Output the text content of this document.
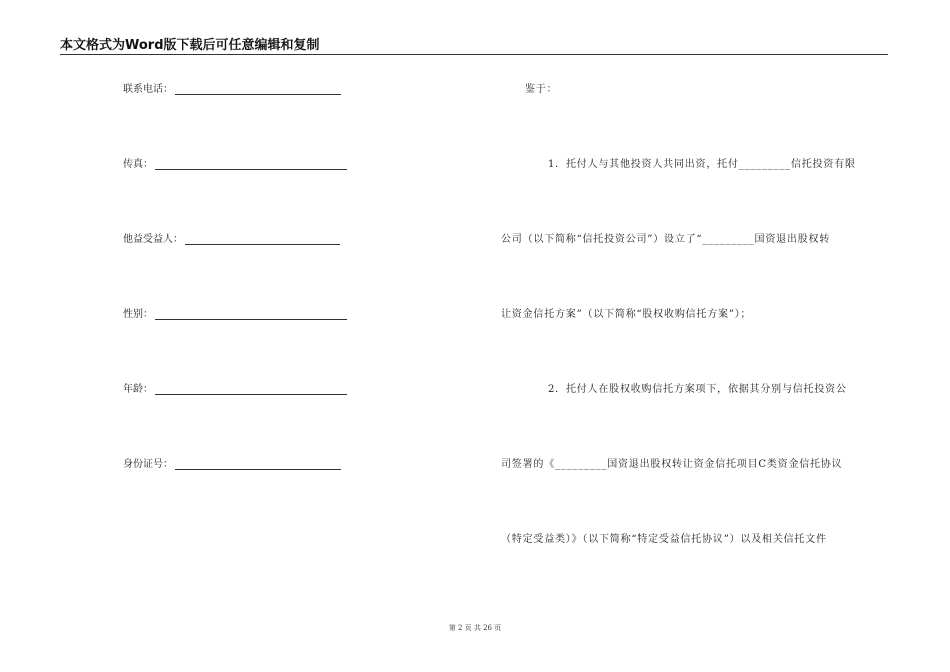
本文格式为Word版下载后可任意编辑和复制
联系电话：
传真：
他益受益人：
性别：
年龄：
身份证号：
鉴于：
1．托付人与其他投资人共同出资，托付_________信托投资有限
公司（以下简称“信托投资公司”）设立了“_________国资退出股权转
让资金信托方案”（以下简称“股权收购信托方案”）；
2．托付人在股权收购信托方案项下，依据其分别与信托投资公
司签署的《_________国资退出股权转让资金信托项目C类资金信托协议
（特定受益类）》（以下简称“特定受益信托协议”）以及相关信托文件
第 2 页 共 26 页
